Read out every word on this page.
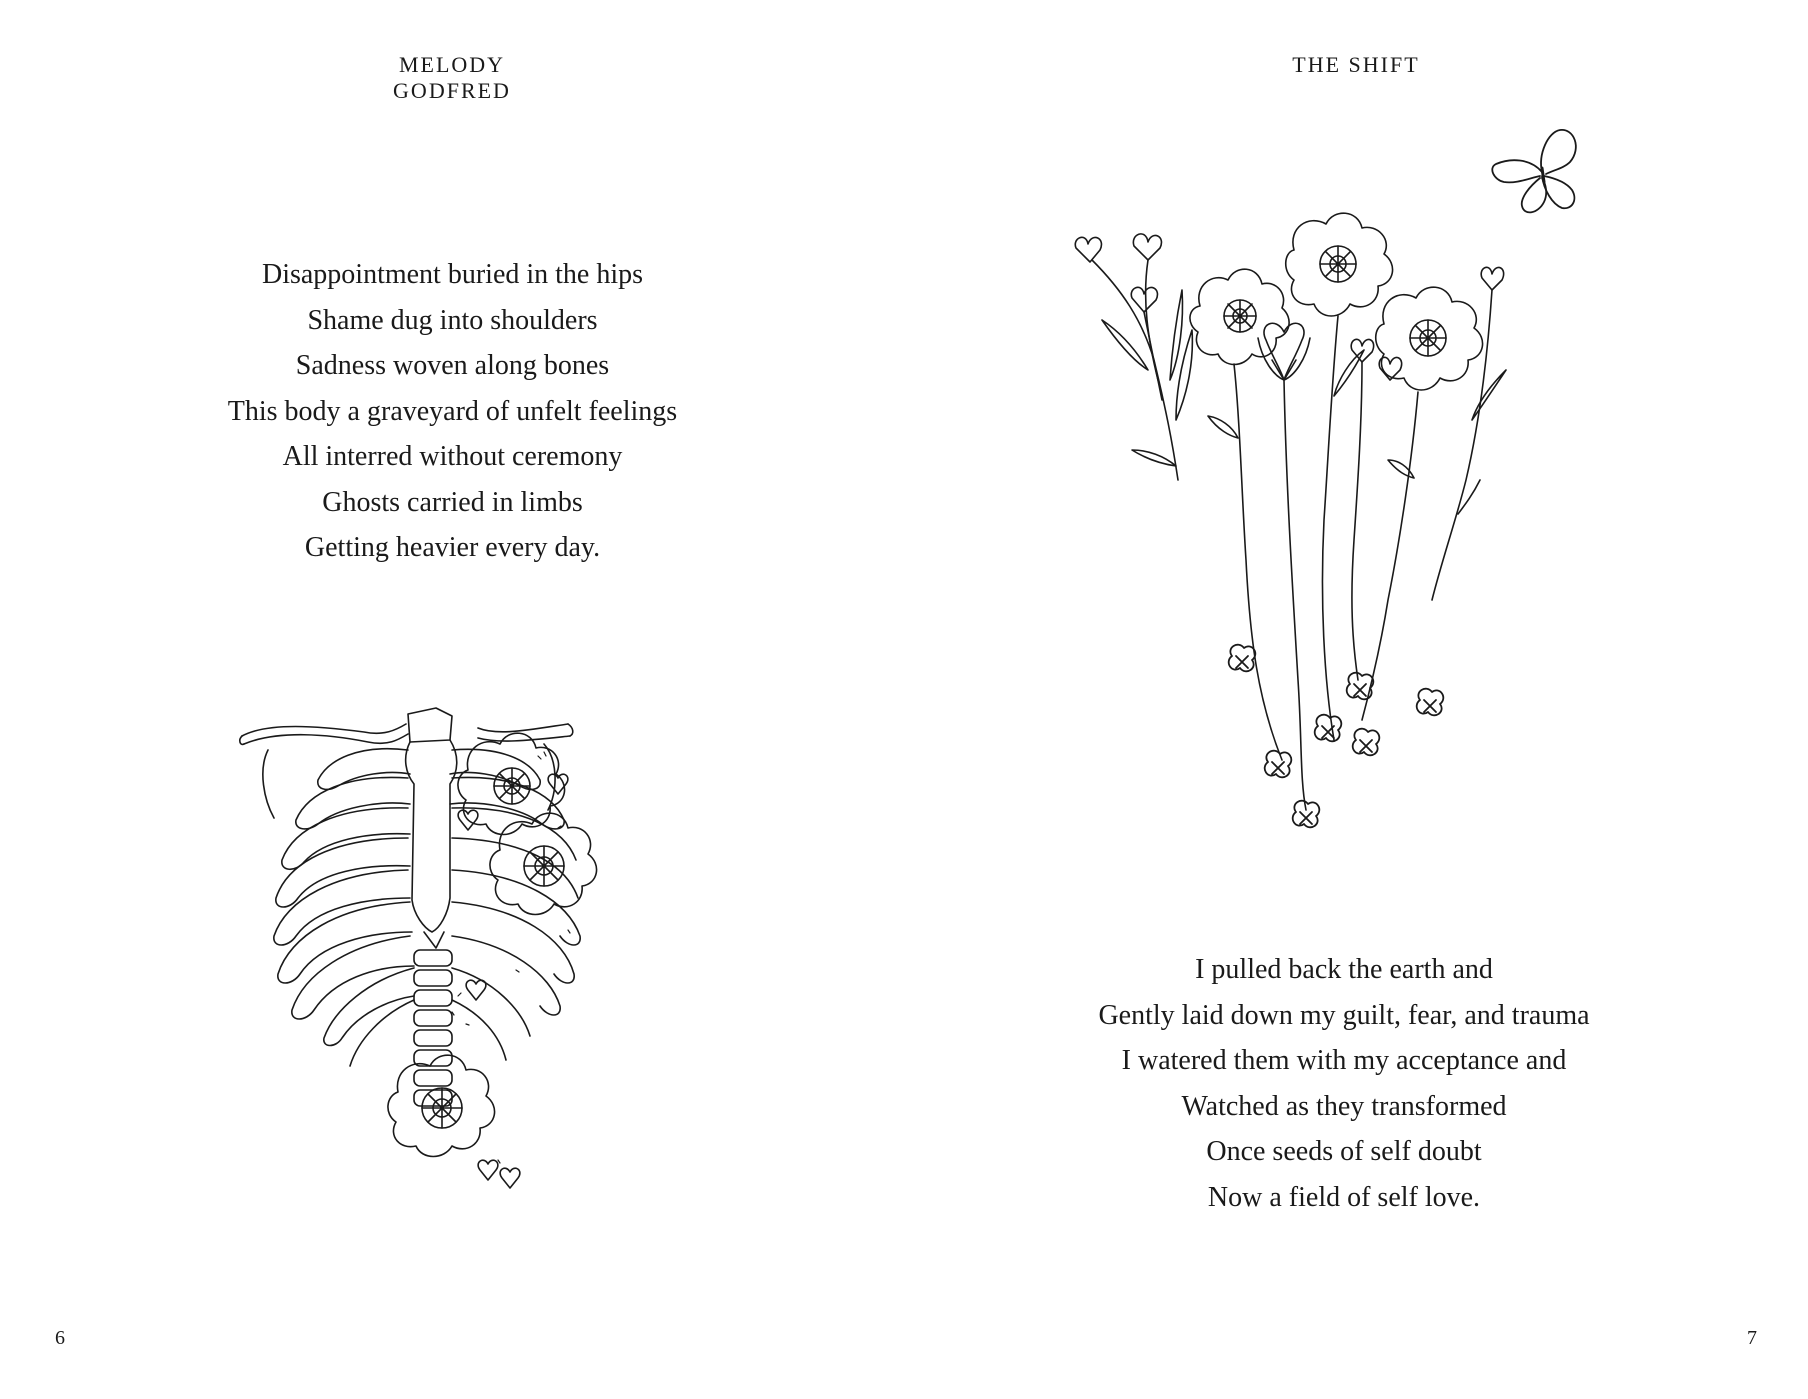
MELODY GODFRED
Disappointment buried in the hips
Shame dug into shoulders
Sadness woven along bones
This body a graveyard of unfelt feelings
All interred without ceremony
Ghosts carried in limbs
Getting heavier every day.
6
THE SHIFT
I pulled back the earth and
Gently laid down my guilt, fear, and trauma
I watered them with my acceptance and
Watched as they transformed
Once seeds of self doubt
Now a field of self love.
7
